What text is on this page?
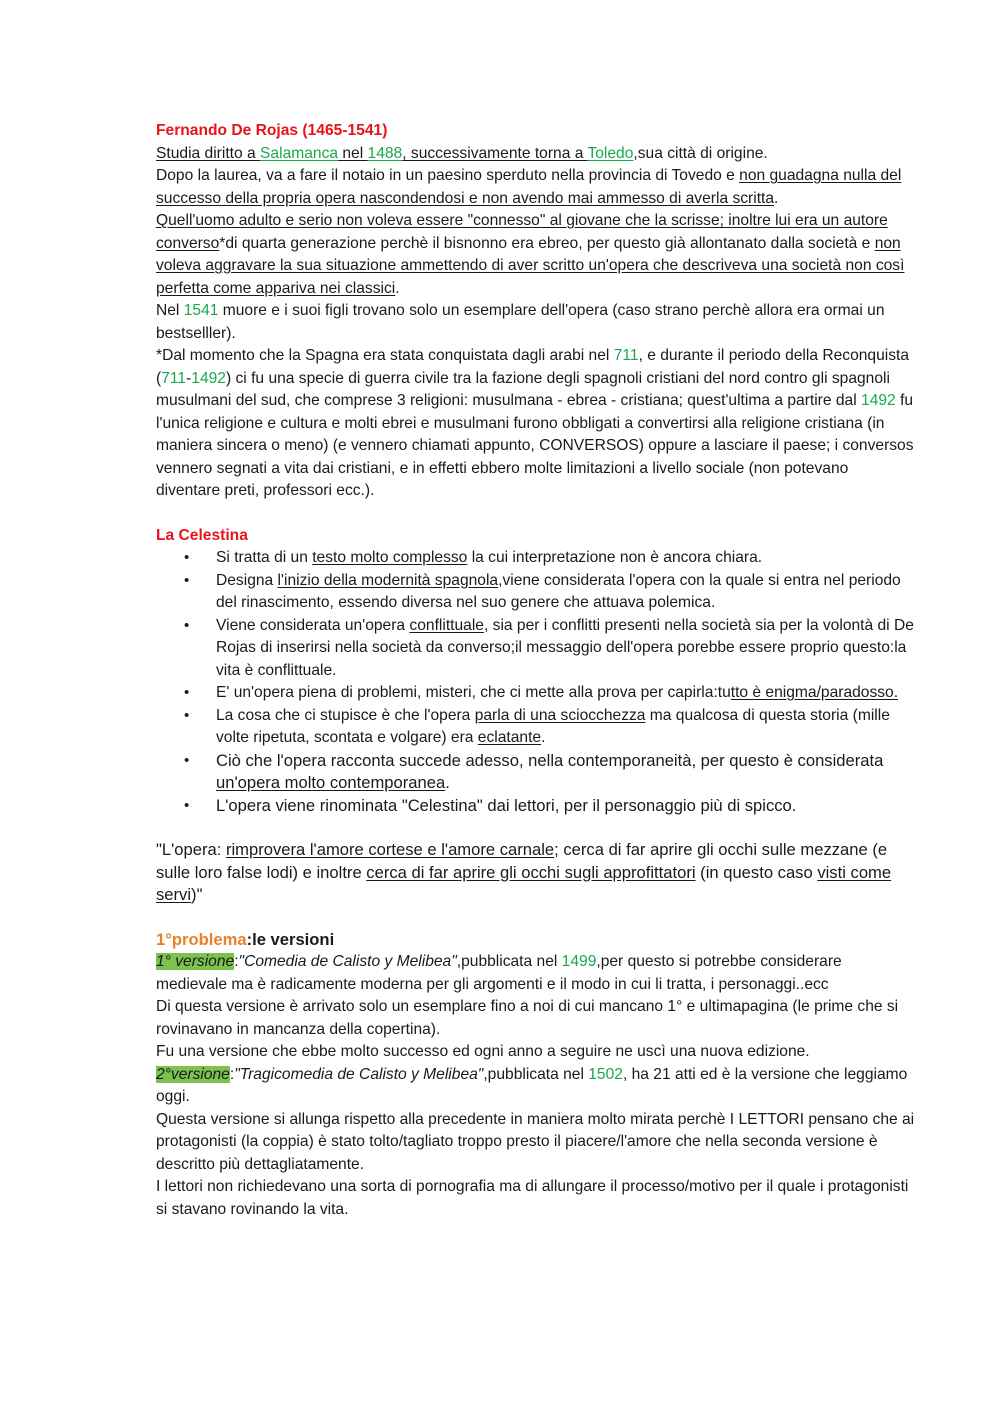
Fernando De Rojas (1465-1541)
Studia diritto a Salamanca nel 1488, successivamente torna a Toledo,sua città di origine.
Dopo la laurea, va a fare il notaio in un paesino sperduto nella provincia di Tovedo e non guadagna nulla del successo della propria opera nascondendosi e non avendo mai ammesso di averla scritta.
Quell'uomo adulto e serio non voleva essere "connesso" al giovane che la scrisse; inoltre lui era un autore converso*di quarta generazione perchè il bisnonno era ebreo, per questo già allontanato dalla società e non voleva aggravare la sua situazione ammettendo di aver scritto un'opera che descriveva una società non così perfetta come appariva nei classici.
Nel 1541 muore e i suoi figli trovano solo un esemplare dell'opera (caso strano perchè allora era ormai un bestselller).
*Dal momento che la Spagna era stata conquistata dagli arabi nel 711, e durante il periodo della Reconquista (711-1492) ci fu una specie di guerra civile tra la fazione degli spagnoli cristiani del nord contro gli spagnoli musulmani del sud, che comprese 3 religioni: musulmana - ebrea - cristiana; quest'ultima a partire dal 1492 fu l'unica religione e cultura e molti ebrei e musulmani furono obbligati a convertirsi alla religione cristiana (in maniera sincera o meno) (e vennero chiamati appunto, CONVERSOS) oppure a lasciare il paese; i conversos vennero segnati a vita dai cristiani, e in effetti ebbero molte limitazioni a livello sociale (non potevano diventare preti, professori ecc.).
La Celestina
• Si tratta di un testo molto complesso la cui interpretazione non è ancora chiara.
• Designa l'inizio della modernità spagnola,viene considerata l'opera con la quale si entra nel periodo del rinascimento, essendo diversa nel suo genere che attuava polemica.
• Viene considerata un'opera conflittuale, sia per i conflitti presenti nella società sia per la volontà di De Rojas di inserirsi nella società da converso;il messaggio dell'opera porebbe essere proprio questo:la vita è conflittuale.
• E' un'opera piena di problemi, misteri, che ci mette alla prova per capirla:tutto è enigma/paradosso.
• La cosa che ci stupisce è che l'opera parla di una sciocchezza ma qualcosa di questa storia (mille volte ripetuta, scontata e volgare) era eclatante.
• Ciò che l'opera racconta succede adesso, nella contemporaneità, per questo è considerata un'opera molto contemporanea.
• L'opera viene rinominata "Celestina" dai lettori, per il personaggio più di spicco.
"L'opera: rimprovera l'amore cortese e l'amore carnale; cerca di far aprire gli occhi sulle mezzane (e sulle loro false lodi) e inoltre cerca di far aprire gli occhi sugli approfittatori (in questo caso visti come servi)"
1°problema:le versioni
1° versione:"Comedia de Calisto y Melibea",pubblicata nel 1499,per questo si potrebbe considerare medievale ma è radicamente moderna per gli argomenti e il modo in cui li tratta, i personaggi..ecc
Di questa versione è arrivato solo un esemplare fino a noi di cui mancano 1° e ultimapagina (le prime che si rovinavano in mancanza della copertina).
Fu una versione che ebbe molto successo ed ogni anno a seguire ne uscì una nuova edizione.
2°versione:"Tragicomedia de Calisto y Melibea",pubblicata nel 1502, ha 21 atti ed è la versione che leggiamo oggi.
Questa versione si allunga rispetto alla precedente in maniera molto mirata perchè I LETTORI pensano che ai protagonisti (la coppia) è stato tolto/tagliato troppo presto il piacere/l'amore che nella seconda versione è descritto più dettagliatamente.
I lettori non richiedevano una sorta di pornografia ma di allungare il processo/motivo per il quale i protagonisti si stavano rovinando la vita.
